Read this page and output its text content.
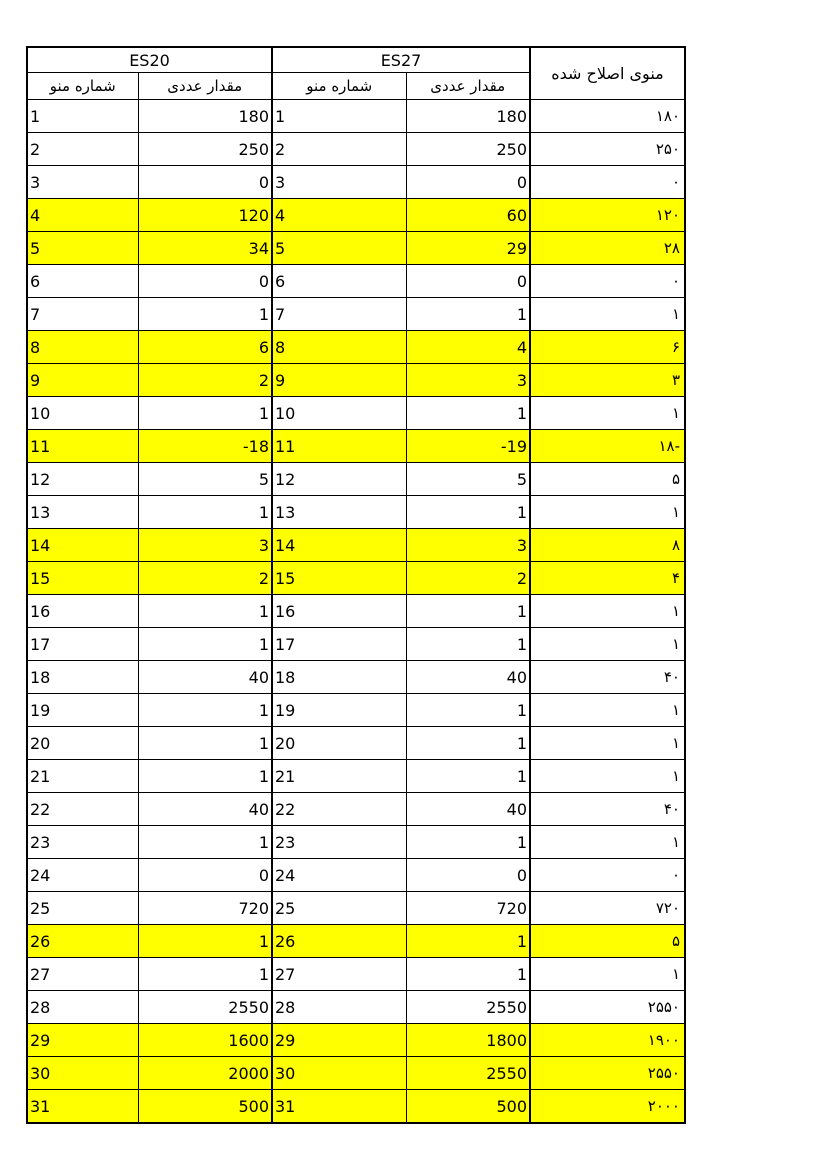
ES20		ES27		منوی اصلاح شده
شماره منو	مقدار عددی	شماره منو	مقدار عددی	
1	180	1	180	۱۸۰
2	250	2	250	۲۵۰
3	0	3	0	۰
4	120	4	60	۱۲۰
5	34	5	29	۲۸
6	0	6	0	۰
7	1	7	1	۱
8	6	8	4	۶
9	2	9	3	۳
10	1	10	1	۱
11	-18	11	-19	-۱۸
12	5	12	5	۵
13	1	13	1	۱
14	3	14	3	۸
15	2	15	2	۴
16	1	16	1	۱
17	1	17	1	۱
18	40	18	40	۴۰
19	1	19	1	۱
20	1	20	1	۱
21	1	21	1	۱
22	40	22	40	۴۰
23	1	23	1	۱
24	0	24	0	۰
25	720	25	720	۷۲۰
26	1	26	1	۵
27	1	27	1	۱
28	2550	28	2550	۲۵۵۰
29	1600	29	1800	۱۹۰۰
30	2000	30	2550	۲۵۵۰
31	500	31	500	۲۰۰۰
